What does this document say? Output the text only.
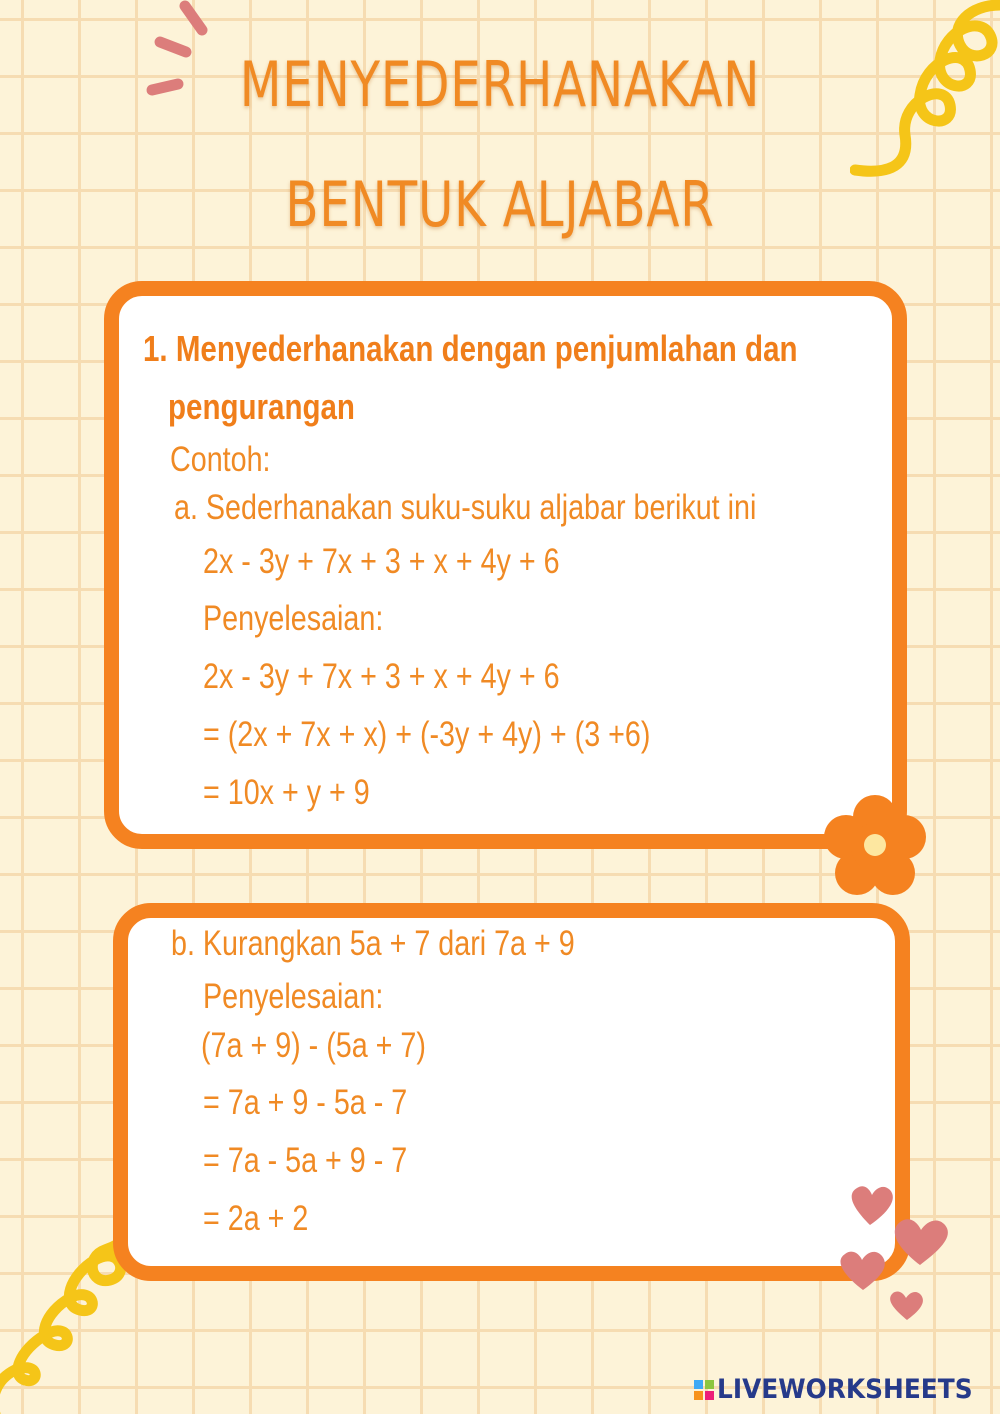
MENYEDERHANAKAN
BENTUK ALJABAR
1. Menyederhanakan dengan penjumlahan dan
pengurangan
Contoh:
a. Sederhanakan suku-suku aljabar berikut ini
2x - 3y + 7x + 3 + x + 4y + 6
Penyelesaian:
2x - 3y + 7x + 3 + x + 4y + 6
= (2x + 7x + x) + (-3y + 4y) + (3 +6)
= 10x + y + 9
b. Kurangkan 5a + 7 dari 7a + 9
Penyelesaian:
(7a + 9) - (5a + 7)
= 7a + 9 - 5a - 7
= 7a - 5a + 9 - 7
= 2a + 2
LIVEWORKSHEETS
